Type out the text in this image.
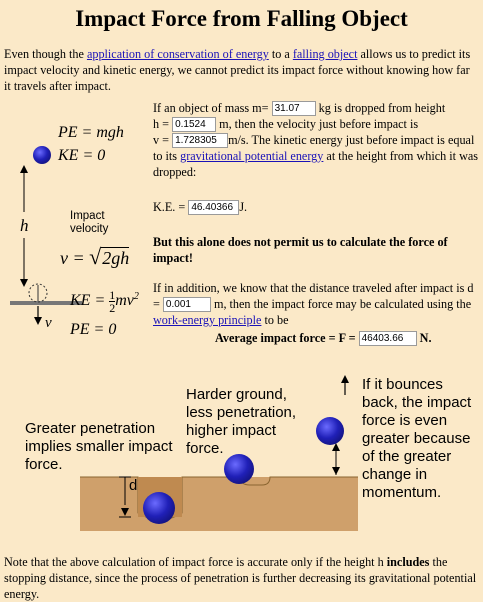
Impact Force from Falling Object
Even though the application of conservation of energy to a falling object allows us to predict its impact velocity and kinetic energy, we cannot predict its impact force without knowing how far it travels after impact.
If an object of mass m= 31.07 kg is dropped from height
h = 0.1524 m, then the velocity just before impact is
v = 1.728305 m/s. The kinetic energy just before impact is equal to its gravitational potential energy at the height from which it was dropped:
K.E. = 46.40366 J.
But this alone does not permit us to calculate the force of impact!
If in addition, we know that the distance traveled after impact is d = 0.001 m, then the impact force may be calculated using the work-energy principle to be
Average impact force = F = 46403.66 N.
PE = mgh
KE = 0
h	Impact velocity
v = √2gh
KE = $\frac{1}{2} mv^2$
v PE = 0
d
Greater penetration implies smaller impact force.
Harder ground, less penetration, higher impact force.
If it bounces back, the impact force is even greater because of the greater change in momentum.
Note that the above calculation of impact force is accurate only if the height h includes the stopping distance, since the process of penetration is further decreasing its gravitational potential energy.
